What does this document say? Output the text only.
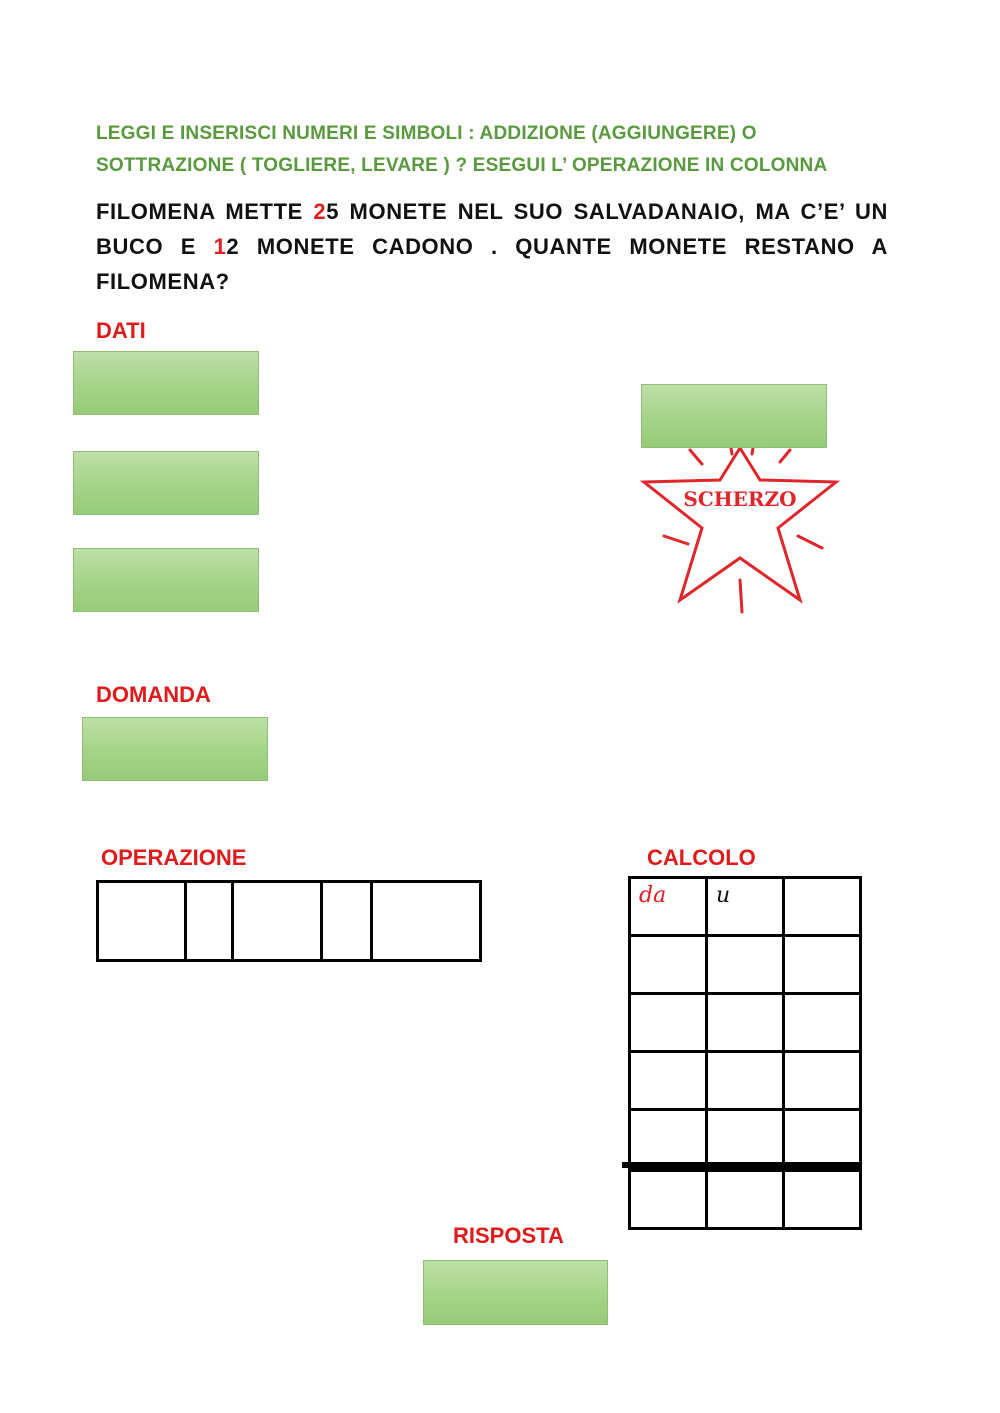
LEGGI E INSERISCI NUMERI E SIMBOLI : ADDIZIONE (AGGIUNGERE) O
SOTTRAZIONE ( TOGLIERE, LEVARE ) ? ESEGUI L’ OPERAZIONE IN COLONNA
FILOMENA METTE 25 MONETE NEL SUO SALVADANAIO, MA C’E’ UN BUCO E 12 MONETE CADONO . QUANTE MONETE RESTANO A FILOMENA?
DATI
SCHERZO
DOMANDA
OPERAZIONE	CALCOLO
da	u	

RISPOSTA
